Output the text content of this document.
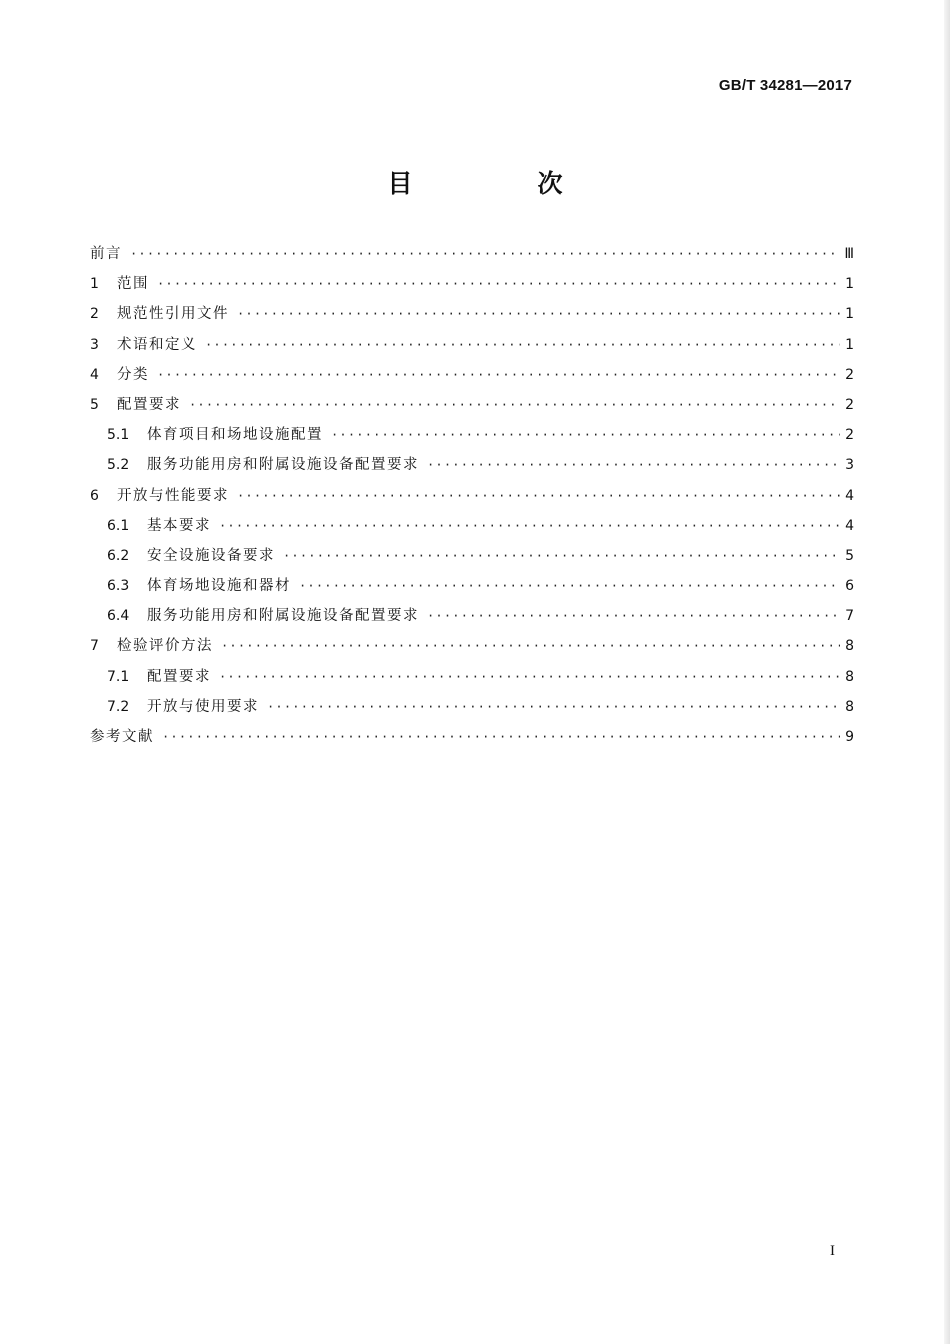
GB/T 34281—2017
目　次
前言 ·····	Ⅲ
1	范围 ·····	1
2	规范性引用文件 ·····	1
3	术语和定义 ·····	1
4	分类 ·····	2
5	配置要求 ·····	2
5.1	体育项目和场地设施配置 ·····	2
5.2	服务功能用房和附属设施设备配置要求 ·····	3
6	开放与性能要求 ·····	4
6.1	基本要求 ·····	4
6.2	安全设施设备要求 ·····	5
6.3	体育场地设施和器材 ·····	6
6.4	服务功能用房和附属设施设备配置要求 ·····	7
7	检验评价方法 ·····	8
7.1	配置要求 ·····	8
7.2	开放与使用要求 ·····	8
参考文献 ·····	9
I
